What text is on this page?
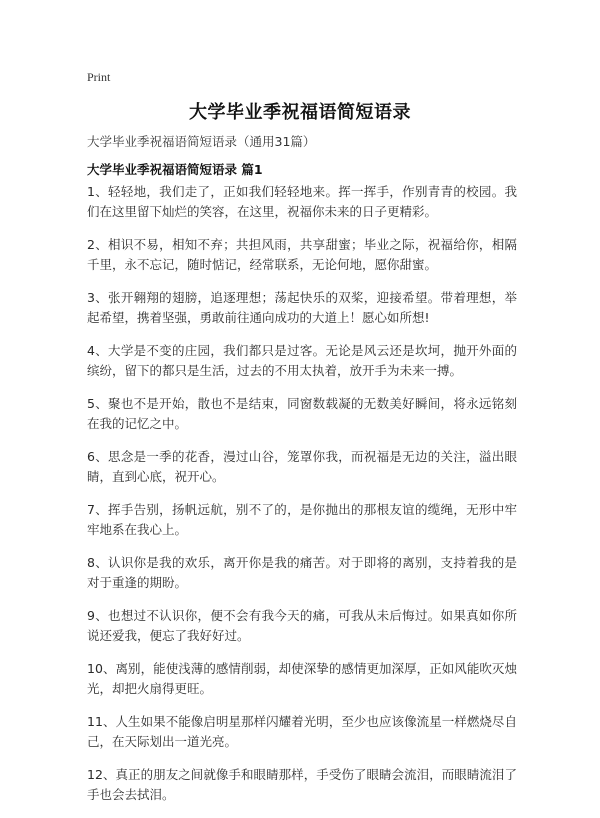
Print
大学毕业季祝福语简短语录
大学毕业季祝福语简短语录（通用31篇）
大学毕业季祝福语简短语录 篇1

1、轻轻地，我们走了，正如我们轻轻地来。挥一挥手，作别青青的校园。我们在这里留下灿烂的笑容，在这里，祝福你未来的日子更精彩。

2、相识不易，相知不弃；共担风雨，共享甜蜜；毕业之际，祝福给你，相隔千里，永不忘记，随时惦记，经常联系，无论何地，愿你甜蜜。

3、张开翱翔的翅膀，追逐理想；荡起快乐的双桨，迎接希望。带着理想，举起希望，携着坚强，勇敢前往通向成功的大道上！愿心如所想!

4、大学是不变的庄园，我们都只是过客。无论是风云还是坎坷，抛开外面的缤纷，留下的都只是生活，过去的不用太执着，放开手为未来一搏。

5、聚也不是开始，散也不是结束，同窗数载凝的无数美好瞬间，将永远铭刻在我的记忆之中。

6、思念是一季的花香，漫过山谷，笼罩你我，而祝福是无边的关注，溢出眼睛，直到心底，祝开心。

7、挥手告别，扬帆远航，别不了的，是你抛出的那根友谊的缆绳，无形中牢牢地系在我心上。

8、认识你是我的欢乐，离开你是我的痛苦。对于即将的离别，支持着我的是对于重逢的期盼。

9、也想过不认识你，便不会有我今天的痛，可我从未后悔过。如果真如你所说还爱我，便忘了我好好过。

10、离别，能使浅薄的感情削弱，却使深挚的感情更加深厚，正如风能吹灭烛光，却把火扇得更旺。

11、人生如果不能像启明星那样闪耀着光明，至少也应该像流星一样燃烧尽自己，在天际划出一道光亮。

12、真正的朋友之间就像手和眼睛那样，手受伤了眼睛会流泪，而眼睛流泪了手也会去拭泪。
